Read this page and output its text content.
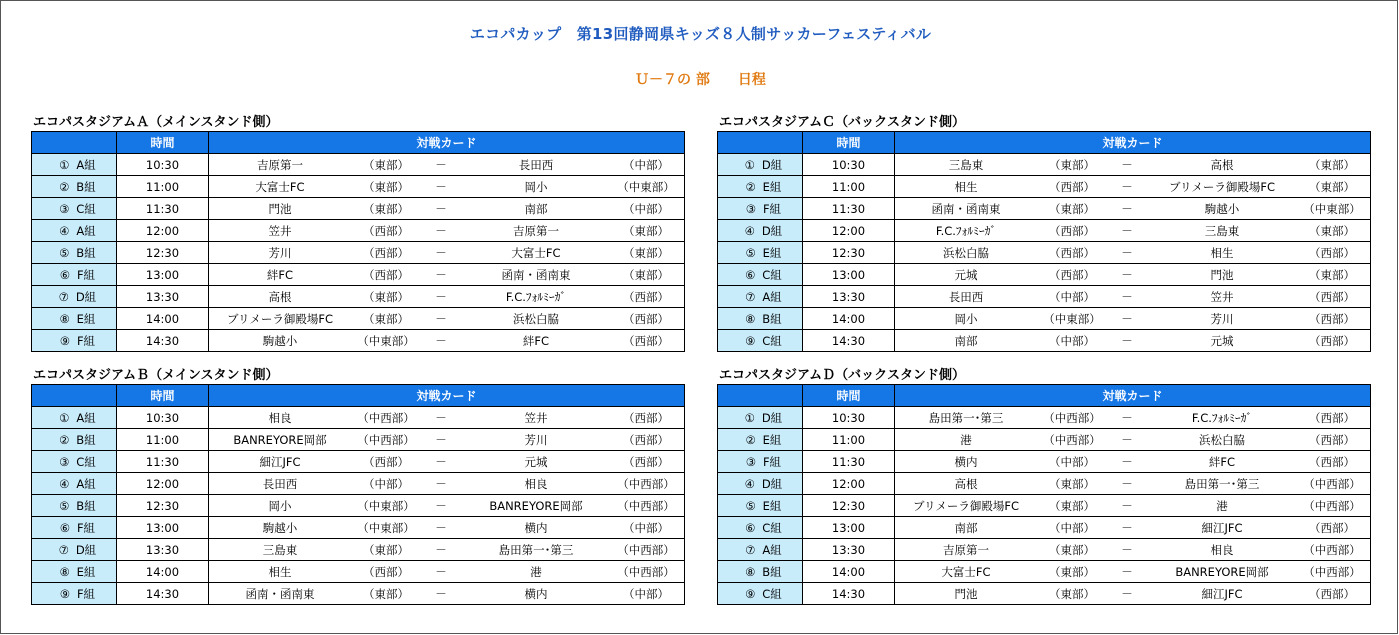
エコパカップ　第13回静岡県キッズ８人制サッカーフェスティバル
Ｕ－７の 部　　日程
エコパスタジアムＡ（メインスタンド側）
	時間	対戦カード
① A組	10:30	吉原第一 （東部） － 長田西 （中部）

② B組	11:00	大富士FC （東部） － 岡小 （中東部）

③ C組	11:30	門池 （東部） － 南部 （中部）

④ A組	12:00	笠井 （西部） － 吉原第一 （東部）

⑤ B組	12:30	芳川 （西部） － 大富士FC （東部）

⑥ F組	13:00	絆FC （西部） － 函南・函南東 （東部）

⑦ D組	13:30	高根 （東部） － F.C.ﾌｫﾙﾐｰｶﾞ （西部）

⑧ E組	14:00	ブリメーラ御殿場FC （東部） － 浜松白脇 （西部）

⑨ F組	14:30	駒越小 （中東部） － 絆FC （西部）
エコパスタジアムＣ（バックスタンド側）
	時間	対戦カード
① D組	10:30	三島東 （東部） － 高根 （東部）

② E組	11:00	相生 （西部） － ブリメーラ御殿場FC （東部）

③ F組	11:30	函南・函南東 （東部） － 駒越小 （中東部）

④ D組	12:00	F.C.ﾌｫﾙﾐｰｶﾞ （西部） － 三島東 （東部）

⑤ E組	12:30	浜松白脇 （西部） － 相生 （西部）

⑥ C組	13:00	元城 （西部） － 門池 （東部）

⑦ A組	13:30	長田西 （中部） － 笠井 （西部）

⑧ B組	14:00	岡小 （中東部） － 芳川 （西部）

⑨ C組	14:30	南部 （中部） － 元城 （西部）
エコパスタジアムＢ（メインスタンド側）
	時間	対戦カード
① A組	10:30	相良 （中西部） － 笠井 （西部）

② B組	11:00	BANREYORE岡部 （中西部） － 芳川 （西部）

③ C組	11:30	細江JFC （西部） － 元城 （西部）

④ A組	12:00	長田西 （中部） － 相良 （中西部）

⑤ B組	12:30	岡小 （中東部） － BANREYORE岡部 （中西部）

⑥ F組	13:00	駒越小 （中東部） － 横内 （中部）

⑦ D組	13:30	三島東 （東部） － 島田第一･第三 （中西部）

⑧ E組	14:00	相生 （西部） － 港 （中西部）

⑨ F組	14:30	函南・函南東 （東部） － 横内 （中部）
エコパスタジアムＤ（バックスタンド側）
	時間	対戦カード
① D組	10:30	島田第一･第三 （中西部） － F.C.ﾌｫﾙﾐｰｶﾞ （西部）

② E組	11:00	港 （中西部） － 浜松白脇 （西部）

③ F組	11:30	横内 （中部） － 絆FC （西部）

④ D組	12:00	高根 （東部） － 島田第一･第三 （中西部）

⑤ E組	12:30	ブリメーラ御殿場FC （東部） － 港 （中西部）

⑥ C組	13:00	南部 （中部） － 細江JFC （西部）

⑦ A組	13:30	吉原第一 （東部） － 相良 （中西部）

⑧ B組	14:00	大富士FC （東部） － BANREYORE岡部 （中西部）

⑨ C組	14:30	門池 （東部） － 細江JFC （西部）
